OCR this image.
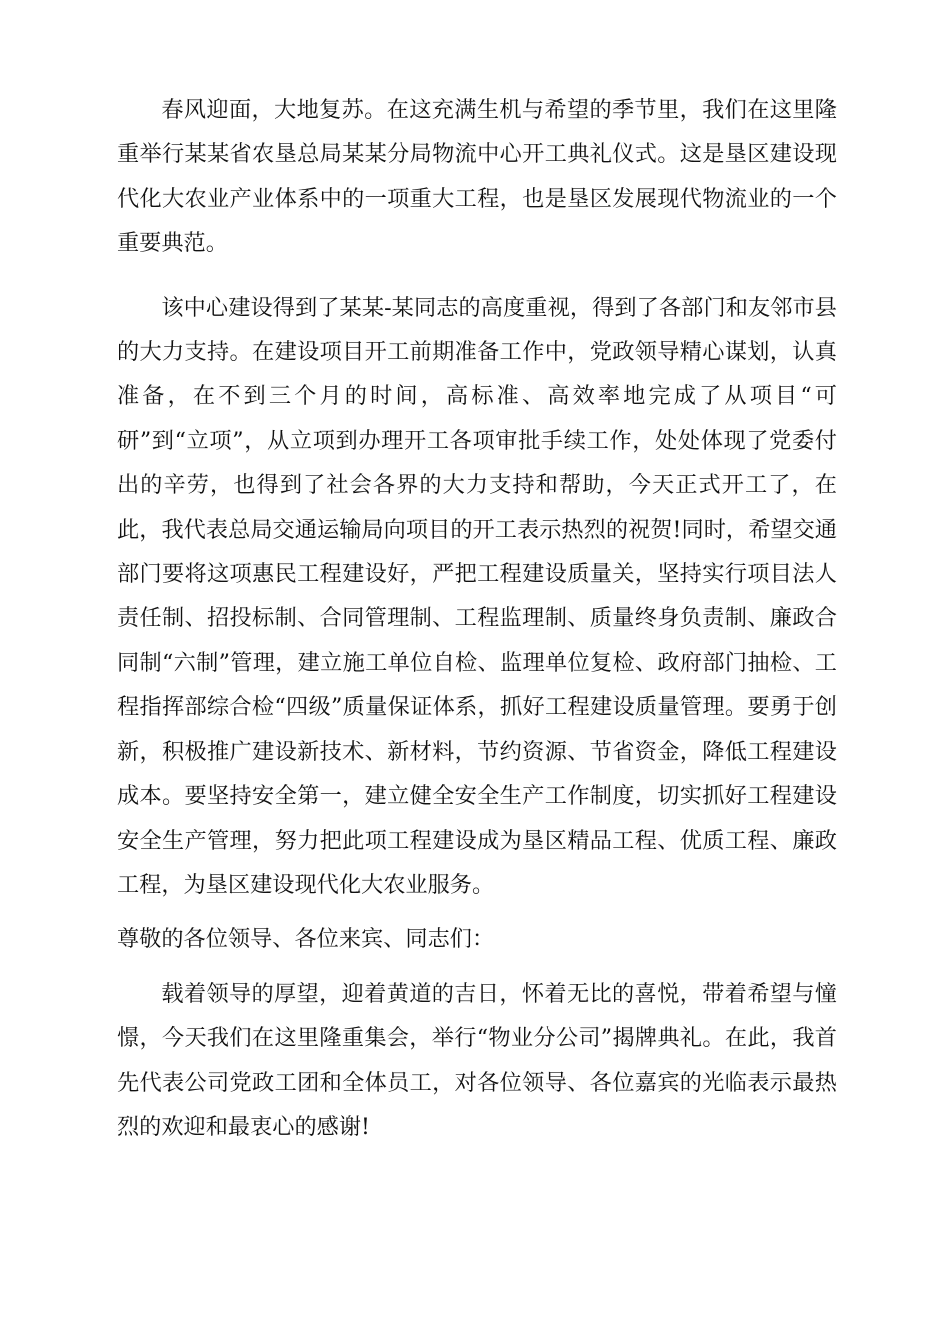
春风迎面，大地复苏。在这充满生机与希望的季节里，我们在这里隆重举行某某省农垦总局某某分局物流中心开工典礼仪式。这是垦区建设现代化大农业产业体系中的一项重大工程，也是垦区发展现代物流业的一个重要典范。

该中心建设得到了某某-某同志的高度重视，得到了各部门和友邻市县的大力支持。在建设项目开工前期准备工作中，党政领导精心谋划，认真准备，在不到三个月的时间，高标准、高效率地完成了从项目“可研”到“立项”，从立项到办理开工各项审批手续工作，处处体现了党委付出的辛劳，也得到了社会各界的大力支持和帮助，今天正式开工了，在此，我代表总局交通运输局向项目的开工表示热烈的祝贺!同时，希望交通部门要将这项惠民工程建设好，严把工程建设质量关，坚持实行项目法人责任制、招投标制、合同管理制、工程监理制、质量终身负责制、廉政合同制“六制”管理，建立施工单位自检、监理单位复检、政府部门抽检、工程指挥部综合检“四级”质量保证体系，抓好工程建设质量管理。要勇于创新，积极推广建设新技术、新材料，节约资源、节省资金，降低工程建设成本。要坚持安全第一，建立健全安全生产工作制度，切实抓好工程建设安全生产管理，努力把此项工程建设成为垦区精品工程、优质工程、廉政工程，为垦区建设现代化大农业服务。

尊敬的各位领导、各位来宾、同志们：

载着领导的厚望，迎着黄道的吉日，怀着无比的喜悦，带着希望与憧憬，今天我们在这里隆重集会，举行“物业分公司”揭牌典礼。在此，我首先代表公司党政工团和全体员工，对各位领导、各位嘉宾的光临表示最热烈的欢迎和最衷心的感谢!
